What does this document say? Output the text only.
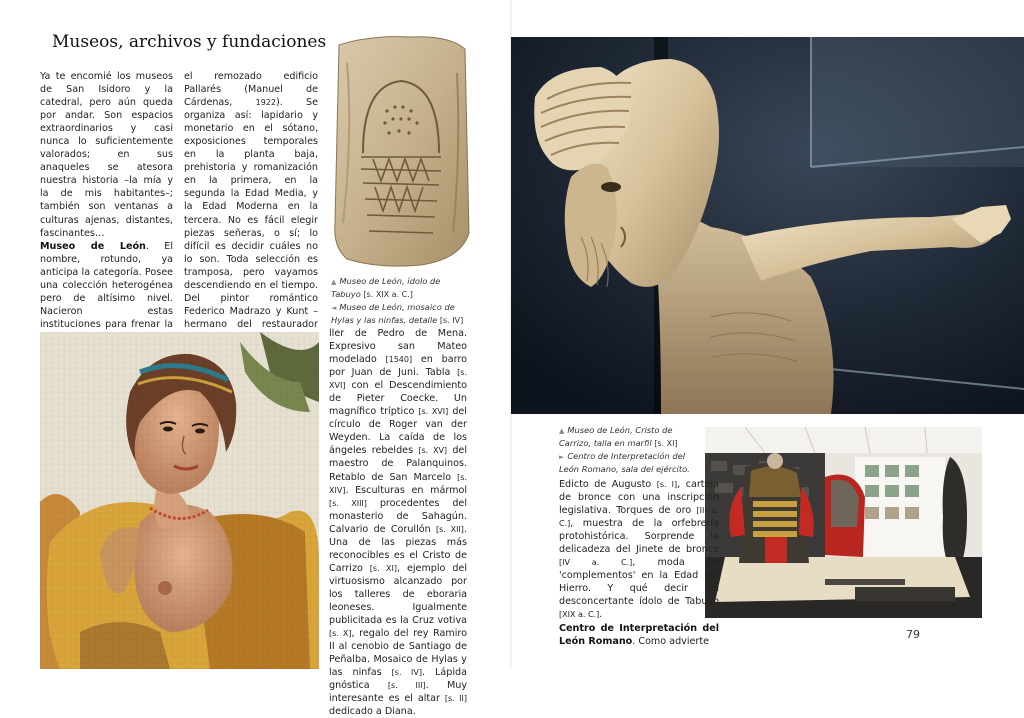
Museos, archivos y fundaciones

Ya te encomié los museos de San Isidoro y la catedral, pero aún queda por andar. Son espacios extraordinarios y casi nunca lo suficientemente valorados; en sus anaqueles se atesora nuestra historia –la mía y la de mis habitantes–; también son ventanas a culturas ajenas, distantes, fascinantes…

Museo de León. El nombre, rotundo, ya anticipa la categoría. Posee una colección heterogénea pero de altísimo nivel. Nacieron estas instituciones para frenar la

el remozado edificio Pallarés (Manuel de Cárdenas, 1922). Se organiza así: lapidario y monetario en el sótano, exposiciones temporales en la planta baja, prehistoria y romanización en la primera, en la segunda la Edad Media, y la Edad Moderna en la tercera. No es fácil elegir piezas señeras, o sí; lo difícil es decidir cuáles no lo son. Toda selección es tramposa, pero vayamos descendiendo en el tiempo. Del pintor romántico Federico Madrazo y Kunt –hermano del restaurador

▲ Museo de León, ídolo de Tabuyo [s. XIX a. C.]
◄ Museo de León, mosaico de Hylas y las ninfas, detalle [s. IV]

ller de Pedro de Mena. Expresivo san Mateo modelado [1540] en barro por Juan de Juni. Tabla [s. XVI] con el Descendimiento de Pieter Coecke. Un magnífico tríptico [s. XVI] del círculo de Roger van der Weyden. La caída de los ángeles rebeldes [s. XV] del maestro de Palanquinos. Retablo de San Marcelo [s. XIV]. Esculturas en mármol [s. XIII] procedentes del monasterio de Sahagún. Calvario de Corullón [s. XII]. Una de las piezas más reconocibles es el Cristo de Carrizo [s. XI], ejemplo del virtuosismo alcanzado por los talleres de eboraria leoneses. Igualmente publicitada es la Cruz votiva [s. X], regalo del rey Ramiro II al cenobio de Santiago de Peñalba. Mosaico de Hylas y las ninfas [s. IV]. Lápida gnóstica [s. III]. Muy interesante es el altar [s. II] dedicado a Diana.

▲ Museo de León, Cristo de Carrizo, talla en marfil [s. XI]
► Centro de Interpretación del León Romano, sala del ejército.

Edicto de Augusto [s. I], cartela de bronce con una inscripción legislativa. Torques de oro [III a. C.], muestra de la orfebrería protohistórica. Sorprende la delicadeza del Jinete de bronce [IV a. C.], moda de 'complementos' en la Edad del Hierro. Y qué decir del desconcertante ídolo de Tabuyo [XIX a. C.].

Centro de Interpretación del León Romano. Como advierte

79
